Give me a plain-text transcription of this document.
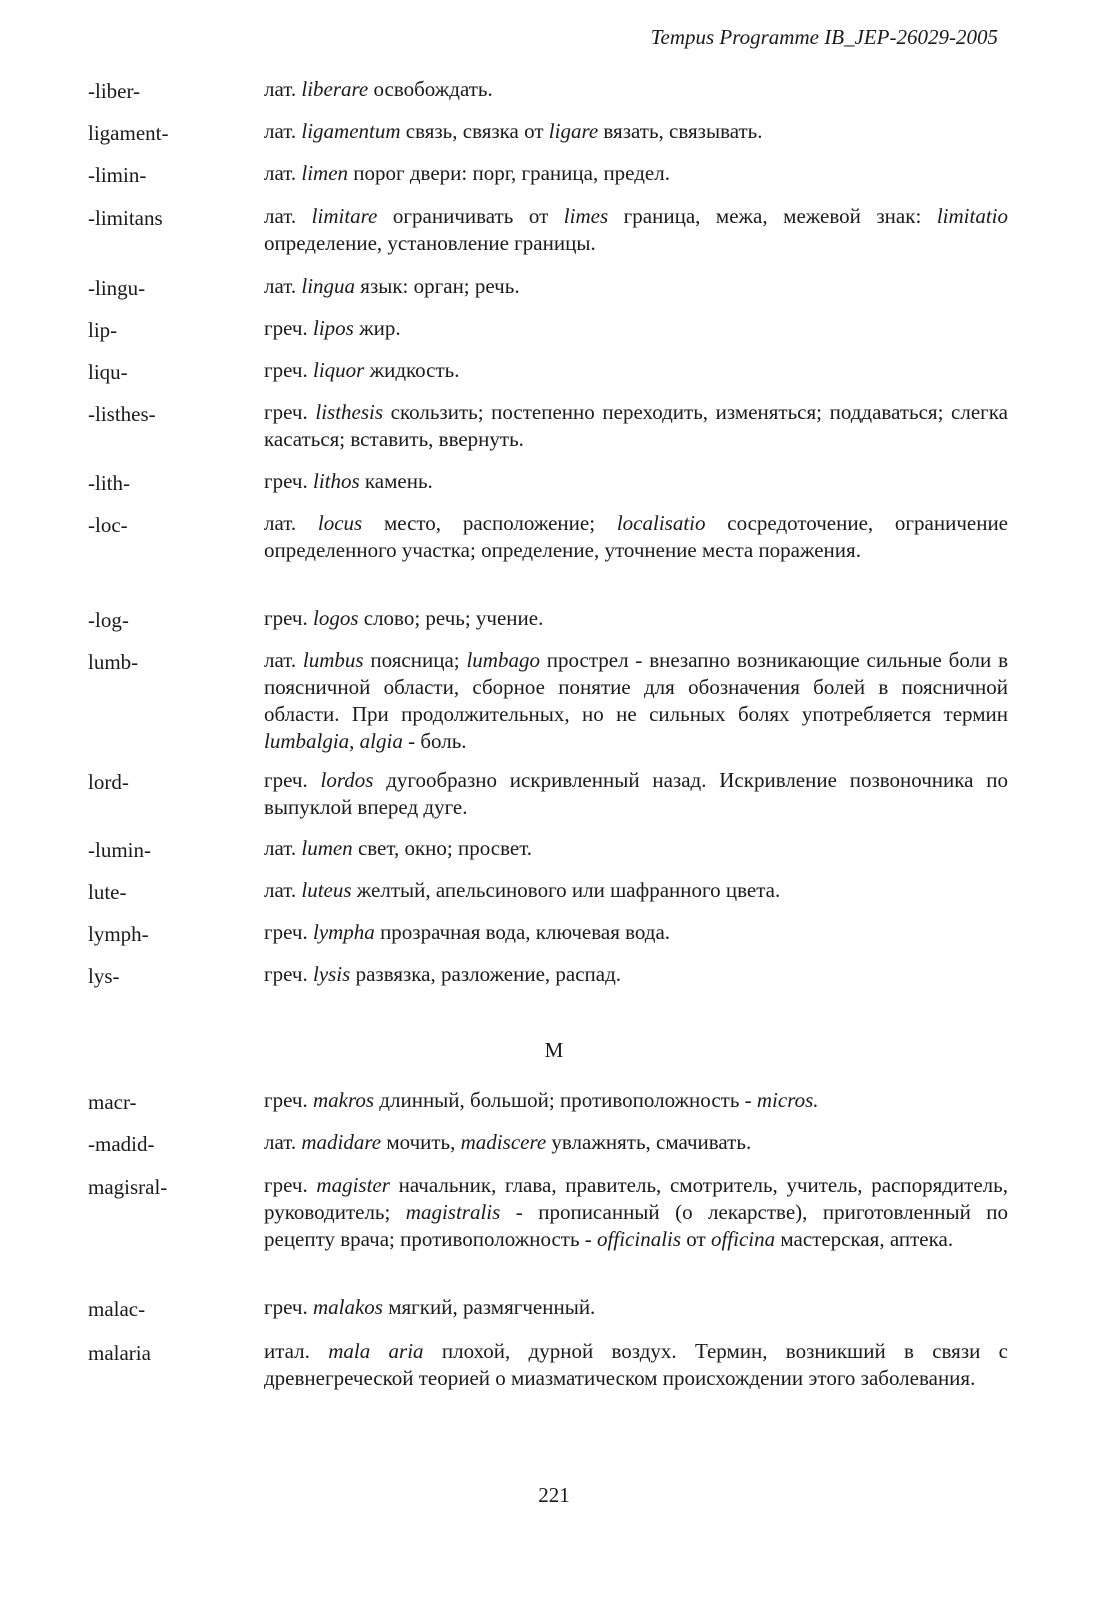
Tempus Programme IB_JEP-26029-2005
-liber-	лат. liberare освобождать.
ligament-	лат. ligamentum связь, связка от ligare вязать, связывать.
-limin-	лат. limen порог двери: порг, граница, предел.
-limitans	лат. limitare ограничивать от limes граница, межа, межевой знак: limitatio определение, установление границы.
-lingu-	лат. lingua язык: орган; речь.
lip-	греч. lipos жир.
liqu-	греч. liquor жидкость.
-listhes-	греч. listhesis скользить; постепенно переходить, изменяться; поддаваться; слегка касаться; вставить, ввернуть.
-lith-	греч. lithos камень.
-loc-	лат. locus место, расположение; localisatio сосредоточение, ограничение определенного участка; определение, уточнение места поражения.
-log-	греч. logos слово; речь; учение.
lumb-	лат. lumbus поясница; lumbago прострел - внезапно возникающие сильные боли в поясничной области, сборное понятие для обозначения болей в поясничной области. При продолжительных, но не сильных болях употребляется термин lumbalgia, algia - боль.
lord-	греч. lordos дугообразно искривленный назад. Искривление позвоночника по выпуклой вперед дуге.
-lumin-	лат. lumen свет, окно; просвет.
lute-	лат. luteus желтый, апельсинового или шафранного цвета.
lymph-	греч. lympha прозрачная вода, ключевая вода.
lys-	греч. lysis развязка, разложение, распад.
macr-	греч. makros длинный, большой; противоположность - micros.
-madid-	лат. madidare мочить, madiscere увлажнять, смачивать.
magisral-	греч. magister начальник, глава, правитель, смотритель, учитель, распорядитель, руководитель; magistralis - прописанный (о лекарстве), приготовленный по рецепту врача; противоположность - officinalis от officina мастерская, аптека.
malac-	греч. malakos мягкий, размягченный.
malaria	итал. mala aria плохой, дурной воздух. Термин, возникший в связи с древнегреческой теорией о миазматическом происхождении этого заболевания.
M
221
